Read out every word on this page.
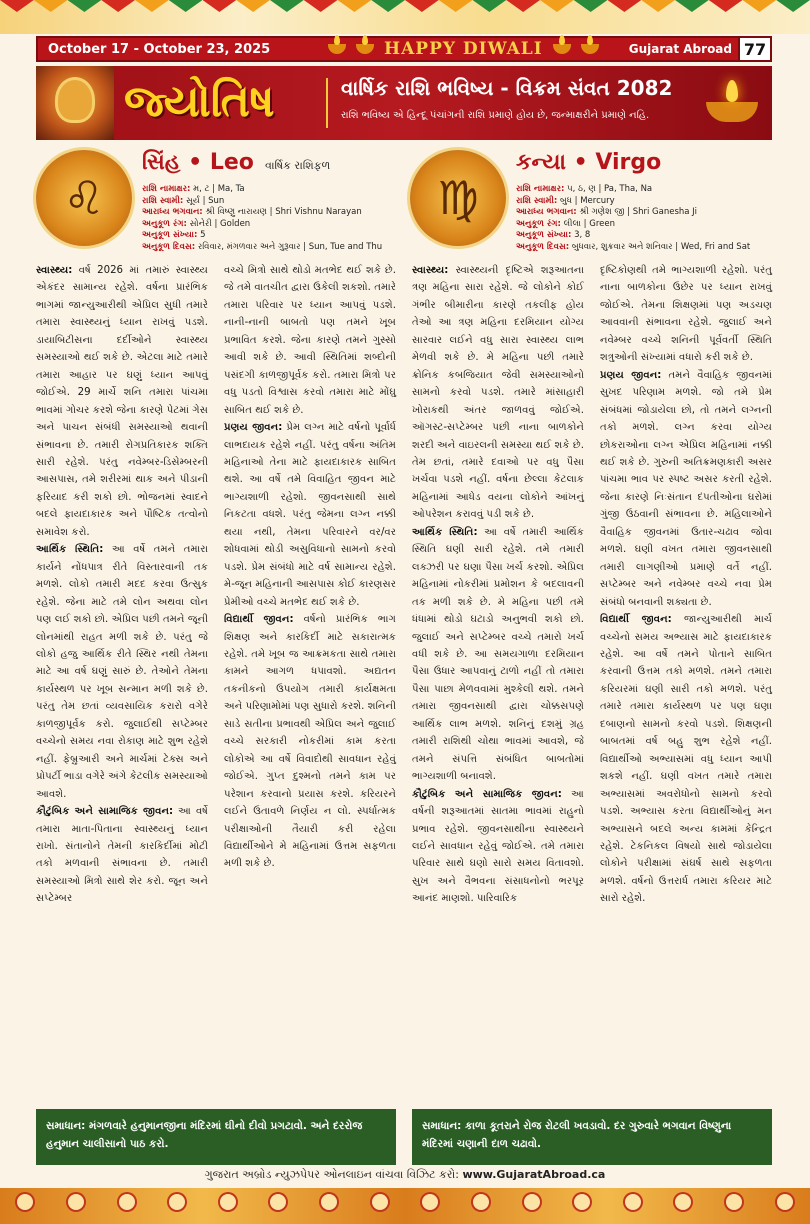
October 17 - October 23, 2025	HAPPY DIWALI	Gujarat Abroad 77
જ્યોતિષ	વાર્ષિક રાશિ ભવિષ્ય - વિક્રમ સંવત 2082
રાશિ ભવિષ્ય એ હિન્દૂ પંચાંગની રાશિ પ્રમાણે હોય છે, જન્માક્ષરીને પ્રમાણે નહિ.
♌
સિંહ • Leo વાર્ષિક રાશિફળ
રાશિ નામાક્ષર: મ, ટ | Ma, Ta
રાશિ સ્વામી: સૂર્ય | Sun
આરાધ્ય ભગવાન: શ્રી વિષ્ણુ નારાયણ | Shri Vishnu Narayan
અનુકૂળ રંગ: સોનેરી | Golden
અનુકૂળ સંખ્યા: 5
અનુકૂળ દિવસ: રવિવાર, મંગળવાર અને ગુરૂવાર | Sun, Tue and Thu
♍
કન્યા • Virgo
રાશિ નામાક્ષર: પ, ઠ, ણ | Pa, Tha, Na
રાશિ સ્વામી: બુધ | Mercury
આરાધ્ય ભગવાન: શ્રી ગણેશ જી | Shri Ganesha Ji
અનુકૂળ રંગ: લીલા | Green
અનુકૂળ સંખ્યા: 3, 8
અનુકૂળ દિવસ: બુધવાર, શુક્રવાર અને શનિવાર | Wed, Fri and Sat

સ્વાસ્થ્ય: વર્ષ 2026 માં તમારું સ્વાસ્થ્ય એકંદર સામાન્ય રહેશે. વર્ષના પ્રારંભિક ભાગમાં જાન્યુઆરીથી એપ્રિલ સુધી તમારે તમારા સ્વાસ્થ્યનું ધ્યાન રાખવું પડશે. ડાયાબિટીસના દર્દીઓને સ્વાસ્થ્ય સમસ્યાઓ થઈ શકે છે. એટલા માટે તમારે તમારા આહાર પર ઘણું ધ્યાન આપવું જોઈએ. 29 માર્ચે શનિ તમારા પાંચમા ભાવમાં ગોચર કરશે જેના કારણે પેટમાં ગેસ અને પાચન સંબંધી સમસ્યાઓ થવાની સંભાવના છે. તમારી રોગપ્રતિકારક શક્તિ સારી રહેશે. પરંતુ નવેમ્બર-ડિસેમ્બરની આસપાસ, તમે શરીરમાં થાક અને પીડાની ફરિયાદ કરી શકો છો. ભોજનમાં સ્વાદને બદલે ફાયદાકારક અને પૌષ્ટિક તત્વોનો સમાવેશ કરો.

આર્થિક સ્થિતિ: આ વર્ષે તમને તમારા કાર્યને નોંધપાત્ર રીતે વિસ્તારવાની તક મળશે. લોકો તમારી મદદ કરવા ઉત્સુક રહેશે. જેના માટે તમે લોન અથવા લોન પણ લઈ શકો છો. એપ્રિલ પછી તમને જૂની લોનમાંથી રાહત મળી શકે છે. પરંતુ જે લોકો હજુ આર્થિક રીતે સ્થિર નથી તેમના માટે આ વર્ષ ઘણું સારું છે. તેઓને તેમના કાર્યસ્થળ પર ખૂબ સન્માન મળી શકે છે. પરંતુ તેમ છતાં વ્યવસાયિક કરારો વગેરે કાળજીપૂર્વક કરો. જુલાઈથી સપ્ટેમ્બર વચ્ચેનો સમય નવા રોકાણ માટે શુભ રહેશે નહીં. ફેબ્રુઆરી અને માર્ચમાં ટેક્સ અને પ્રોપર્ટી ભાડા વગેરે અંગે કેટલીક સમસ્યાઓ આવશે.

કૌટુંબિક અને સામાજિક જીવન: આ વર્ષે તમારા માતા-પિતાના સ્વાસ્થ્યનું ધ્યાન રાખો. સંતાનોને તેમની કારકિર્દીમાં મોટી તકો મળવાની સંભાવના છે. તમારી સમસ્યાઓ મિત્રો સાથે શેર કરો. જૂન અને સપ્ટેમ્બર

વચ્ચે મિત્રો સાથે થોડો મતભેદ થઈ શકે છે. જે તમે વાતચીત દ્વારા ઉકેલી શકશો. તમારે તમારા પરિવાર પર ધ્યાન આપવું પડશે. નાની-નાની બાબતો પણ તમને ખૂબ પ્રભાવિત કરશે. જેના કારણે તમને ગુસ્સો આવી શકે છે. આવી સ્થિતિમાં શબ્દોની પસંદગી કાળજીપૂર્વક કરો. તમારા મિત્રો પર વધુ પડતો વિશ્વાસ કરવો તમારા માટે મોંઘુ સાબિત થઈ શકે છે.

પ્રણય જીવન: પ્રેમ લગ્ન માટે વર્ષનો પૂર્વાર્ધ લાભદાયક રહેશે નહીં. પરંતુ વર્ષના અંતિમ મહિનાઓ તેના માટે ફાયદાકારક સાબિત થશે. આ વર્ષે તમે વિવાહિત જીવન માટે ભાગ્યશાળી રહેશો. જીવનસાથી સાથે નિકટતા વધશે. પરંતુ જેમના લગ્ન નક્કી થયા નથી, તેમના પરિવારને વર/વર શોધવામાં થોડી અસુવિધાનો સામનો કરવો પડશે. પ્રેમ સંબંધો માટે વર્ષ સામાન્ય રહેશે. મે-જૂન મહિનાની આસપાસ કોઈ કારણસર પ્રેમીઓ વચ્ચે મતભેદ થઈ શકે છે.

વિદ્યાર્થી જીવન: વર્ષનો પ્રારંભિક ભાગ શિક્ષણ અને કારકિર્દી માટે સકારાત્મક રહેશે. તમે ખૂબ જ આક્રમકતા સાથે તમારા કામને આગળ ધપાવશો. અદ્યતન તકનીકનો ઉપયોગ તમારી કાર્યક્ષમતા અને પરિણામોમાં પણ સુધારો કરશે. શનિની સાડે સતીના પ્રભાવથી એપ્રિલ અને જુલાઈ વચ્ચે સરકારી નોકરીમાં કામ કરતા લોકોએ આ વર્ષે વિવાદોથી સાવધાન રહેવું જોઈએ. ગુપ્ત દુશ્મનો તમને કામ પર પરેશાન કરવાનો પ્રયાસ કરશે. કરિયરને લઈને ઉતાવળે નિર્ણય ન લો. સ્પર્ધાત્મક પરીક્ષાઓની તૈયારી કરી રહેલા વિદ્યાર્થીઓને મે મહિનામાં ઉત્તમ સફળતા મળી શકે છે.

સ્વાસ્થ્ય: સ્વાસ્થ્યની દૃષ્ટિએ શરૂઆતના ત્રણ મહિના સારા રહેશે. જે લોકોને કોઈ ગંભીર બીમારીના કારણે તકલીફ હોય તેઓ આ ત્રણ મહિના દરમિયાન યોગ્ય સારવાર લઈને વધુ સારા સ્વાસ્થ્ય લાભ મેળવી શકે છે. મે મહિના પછી તમારે ક્રોનિક કબજિયાત જેવી સમસ્યાઓનો સામનો કરવો પડશે. તમારે માંસાહારી ખોરાકથી અંતર જાળવવું જોઈએ. ઑગસ્ટ-સપ્ટેમ્બર પછી નાના બાળકોને શરદી અને વાઇરલની સમસ્યા થઈ શકે છે. તેમ છતાં, તમારે દવાઓ પર વધુ પૈસા ખર્ચવા પડશે નહીં. વર્ષના છેલ્લા કેટલાક મહિનામાં આધેડ વયના લોકોને આંખનું ઓપરેશન કરાવવું પડી શકે છે.

આર્થિક સ્થિતિ: આ વર્ષે તમારી આર્થિક સ્થિતિ ઘણી સારી રહેશે. તમે તમારી લક્ઝરી પર ઘણા પૈસા ખર્ચ કરશો. એપ્રિલ મહિનામાં નોકરીમાં પ્રમોશન કે બદલાવની તક મળી શકે છે. મે મહિના પછી તમે ધંધામાં થોડો ઘટાડો અનુભવી શકો છો. જુલાઈ અને સપ્ટેમ્બર વચ્ચે તમારો ખર્ચ વધી શકે છે. આ સમયગાળા દરમિયાન પૈસા ઉધાર આપવાનું ટાળો નહીં તો તમારા પૈસા પાછા મેળવવામાં મુશ્કેલી થશે. તમને તમારા જીવનસાથી દ્વારા ચોક્કસપણે આર્થિક લાભ મળશે. શનિનું દશમું ગ્રહ તમારી રાશિથી ચોથા ભાવમાં આવશે, જે તમને સંપત્તિ સંબંધિત બાબતોમાં ભાગ્યશાળી બનાવશે.

કૌટુંબિક અને સામાજિક જીવન: આ વર્ષની શરૂઆતમાં સાતમા ભાવમાં રાહુનો પ્રભાવ રહેશે. જીવનસાથીના સ્વાસ્થ્યને લઈને સાવધાન રહેવું જોઈએ. તમે તમારા પરિવાર સાથે ઘણો સારો સમય વિતાવશો. સુખ અને વૈભવના સંસાધનોનો ભરપૂર આનંદ માણશો. પારિવારિક

દૃષ્ટિકોણથી તમે ભાગ્યશાળી રહેશો. પરંતુ નાના બાળકોના ઉછેર પર ધ્યાન રાખવું જોઈએ. તેમના શિક્ષણમાં પણ અડચણ આવવાની સંભાવના રહેશે. જુલાઈ અને નવેમ્બર વચ્ચે શનિની પૂર્વવર્તી સ્થિતિ શત્રુઓની સંખ્યામાં વધારો કરી શકે છે.

પ્રણય જીવન: તમને વૈવાહિક જીવનમાં સુખદ પરિણામ મળશે. જો તમે પ્રેમ સંબંધમાં જોડાયેલા છો, તો તમને લગ્નની તકો મળશે. લગ્ન કરવા યોગ્ય છોકરાઓના લગ્ન એપ્રિલ મહિનામાં નક્કી થઈ શકે છે. ગુરુની અતિક્રમણકારી અસર પાંચમા ભાવ પર સ્પષ્ટ અસર કરતી રહેશે. જેના કારણે નિઃસંતાન દંપતીઓના ઘરોમાં ગુંજી ઉઠવાની સંભાવના છે. મહિલાઓને વૈવાહિક જીવનમાં ઉતાર-ચઢાવ જોવા મળશે. ઘણી વખત તમારા જીવનસાથી તમારી લાગણીઓ પ્રમાણે વર્તે નહીં. સપ્ટેમ્બર અને નવેમ્બર વચ્ચે નવા પ્રેમ સંબંધો બનવાની શક્યતા છે.

વિદ્યાર્થી જીવન: જાન્યુઆરીથી માર્ચ વચ્ચેનો સમય અભ્યાસ માટે ફાયદાકારક રહેશે. આ વર્ષે તમને પોતાને સાબિત કરવાની ઉત્તમ તકો મળશે. તમને તમારા કરિયરમાં ઘણી સારી તકો મળશે. પરંતુ તમારે તમારા કાર્યસ્થળ પર પણ ઘણા દબાણનો સામનો કરવો પડશે. શિક્ષણની બાબતમાં વર્ષ બહુ શુભ રહેશે નહીં. વિદ્યાર્થીઓ અભ્યાસમાં વધુ ધ્યાન આપી શકશે નહીં. ઘણી વખત તમારે તમારા અભ્યાસમાં અવરોધોનો સામનો કરવો પડશે. અભ્યાસ કરતા વિદ્યાર્થીઓનું મન અભ્યાસને બદલે અન્ય કામમાં કેન્દ્રિત રહેશે. ટેકનિકલ વિષયો સાથે જોડાયેલા લોકોને પરીક્ષામાં સંઘર્ષ સાથે સફળતા મળશે. વર્ષનો ઉત્તરાર્ધ તમારા કરિયર માટે સારો રહેશે.

સમાધાન: મંગળવારે હનુમાનજીના મંદિરમાં ઘીનો દીવો પ્રગટાવો. અને દરરોજ હનુમાન ચાલીસાનો પાઠ કરો.
સમાધાન: કાળા કૂતરાને રોજ રોટલી ખવડાવો. દર ગુરુવારે ભગવાન વિષ્ણુના મંદિરમાં ચણાની દાળ ચઢાવો.
ગુજરાત અબ્રોડ ન્યુઝપેપર ઓનલાઇન વાંચવા વિઝિટ કરો: www.GujaratAbroad.ca
